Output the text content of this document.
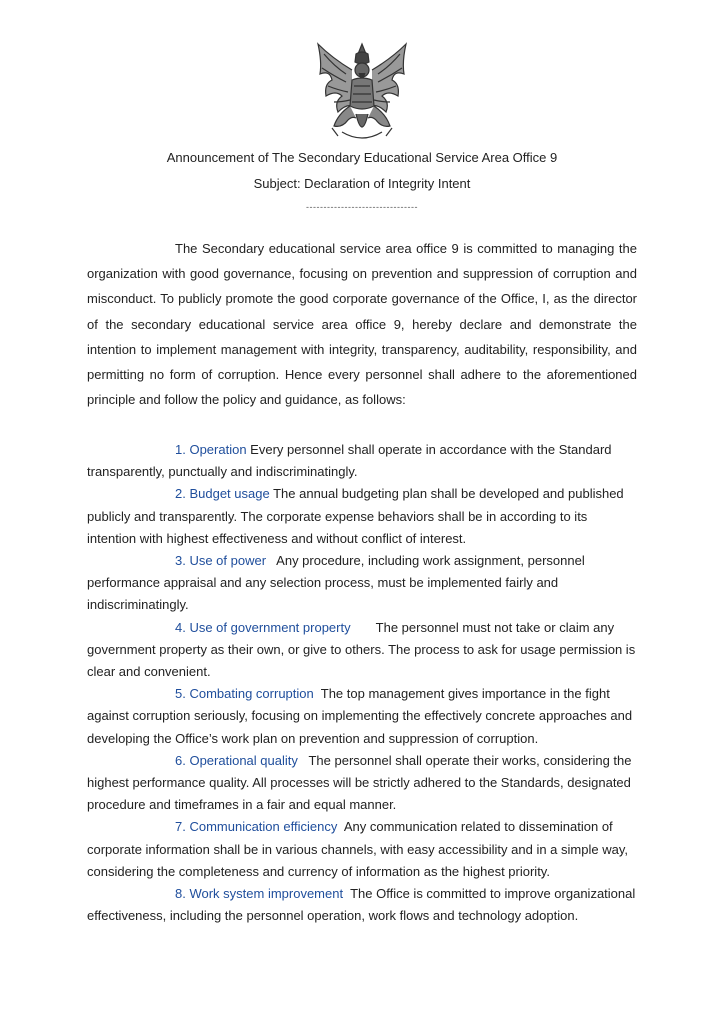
Announcement of The Secondary Educational Service Area Office 9
Subject: Declaration of Integrity Intent
--------------------------------

The Secondary educational service area office 9 is committed to managing the organization with good governance, focusing on prevention and suppression of corruption and misconduct. To publicly promote the good corporate governance of the Office, I, as the director of the secondary educational service area office 9, hereby declare and demonstrate the intention to implement management with integrity, transparency, auditability, responsibility, and permitting no form of corruption. Hence every personnel shall adhere to the aforementioned principle and follow the policy and guidance, as follows:

1. Operation Every personnel shall operate in accordance with the Standard transparently, punctually and indiscriminatingly.

2. Budget usage The annual budgeting plan shall be developed and published publicly and transparently. The corporate expense behaviors shall be in according to its intention with highest effectiveness and without conflict of interest.

3. Use of power Any procedure, including work assignment, personnel performance appraisal and any selection process, must be implemented fairly and indiscriminatingly.

4. Use of government property The personnel must not take or claim any government property as their own, or give to others. The process to ask for usage permission is clear and convenient.

5. Combating corruption The top management gives importance in the fight against corruption seriously, focusing on implementing the effectively concrete approaches and developing the Office’s work plan on prevention and suppression of corruption.

6. Operational quality The personnel shall operate their works, considering the highest performance quality. All processes will be strictly adhered to the Standards, designated procedure and timeframes in a fair and equal manner.

7. Communication efficiency Any communication related to dissemination of corporate information shall be in various channels, with easy accessibility and in a simple way, considering the completeness and currency of information as the highest priority.

8. Work system improvement The Office is committed to improve organizational effectiveness, including the personnel operation, work flows and technology adoption.
